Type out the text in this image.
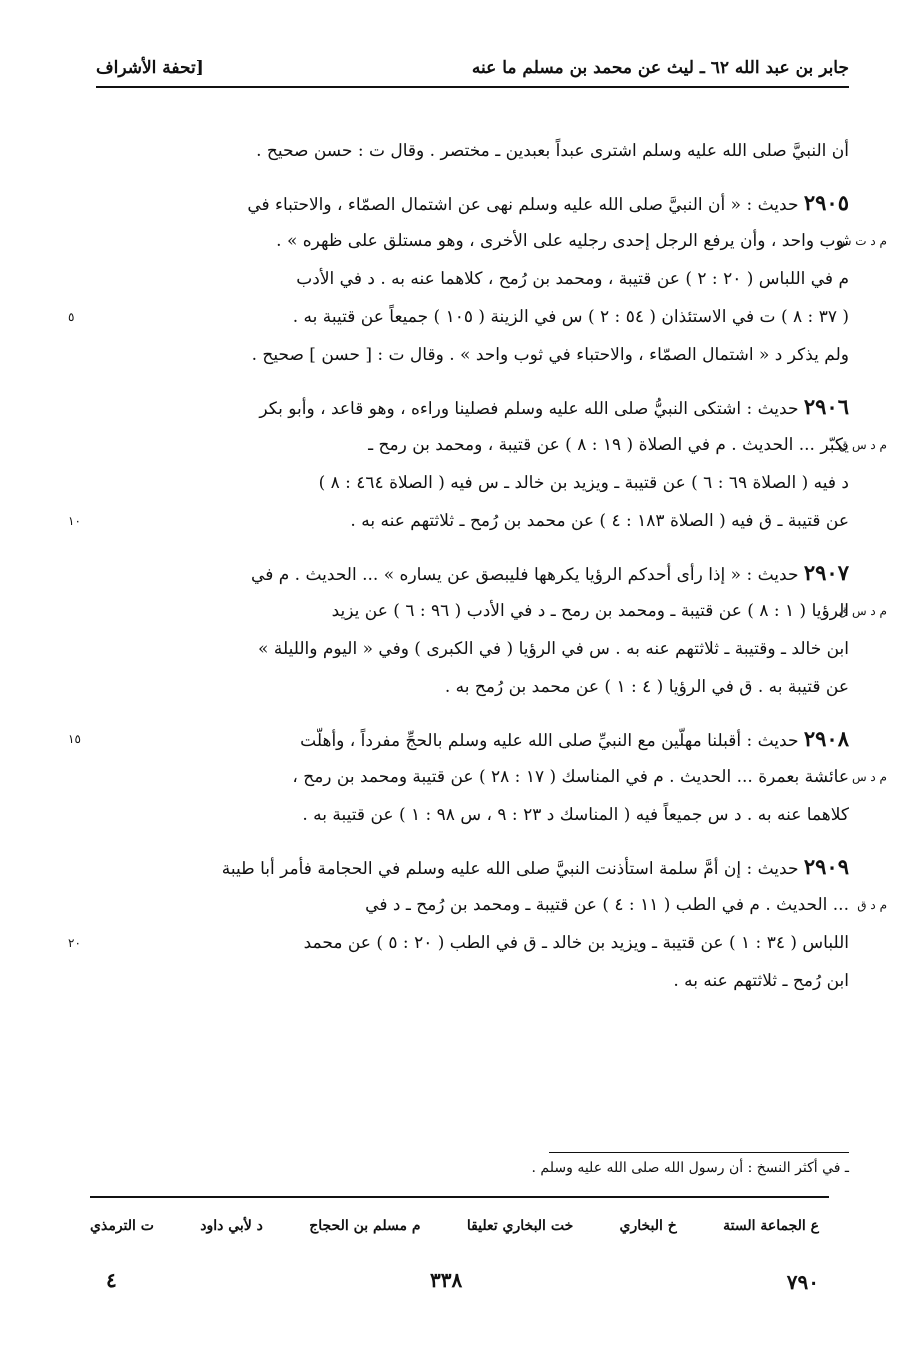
جابر بن عبد الله ٦٢ ـ ليث عن محمد بن مسلم ما عنه
[تحفة الأشراف
أن النبيَّ صلى الله عليه وسلم اشترى عبداً بعبدين ـ مختصر . وقال ت : حسن صحيح .
٢٩٠٥ حديث : « أن النبيَّ صلى الله عليه وسلم نهى عن اشتمال الصمّاء ، والاحتباء في
م د ت س
ثوب واحد ، وأن يرفع الرجل إحدى رجليه على الأخرى ، وهو مستلق على ظهره » .
م في اللباس ( ٢٠ : ٢ ) عن قتيبة ، ومحمد بن رُمح ، كلاهما عنه به . د في الأدب
( ٣٧ : ٨ ) ت في الاستئذان ( ٥٤ : ٢ ) س في الزينة ( ١٠٥ ) جميعاً عن قتيبة به .
٥
ولم يذكر د « اشتمال الصمّاء ، والاحتباء في ثوب واحد » . وقال ت : [ حسن ] صحيح .
٢٩٠٦ حديث : اشتكى النبيُّ صلى الله عليه وسلم فصلينا وراءه ، وهو قاعد ، وأبو بكر
م د س ق
يكبّر ... الحديث . م في الصلاة ( ١٩ : ٨ ) عن قتيبة ، ومحمد بن رمح ـ
د فيه ( الصلاة ٦٩ : ٦ ) عن قتيبة ـ ويزيد بن خالد ـ س فيه ( الصلاة ٤٦٤ : ٨ )
عن قتيبة ـ ق فيه ( الصلاة ١٨٣ : ٤ ) عن محمد بن رُمح ـ ثلاثتهم عنه به .
١٠
٢٩٠٧ حديث : « إذا رأى أحدكم الرؤيا يكرهها فليبصق عن يساره » ... الحديث . م في
م د س ق
الرؤيا ( ١ : ٨ ) عن قتيبة ـ ومحمد بن رمح ـ د في الأدب ( ٩٦ : ٦ ) عن يزيد
ابن خالد ـ وقتيبة ـ ثلاثتهم عنه به . س في الرؤيا ( في الكبرى ) وفي « اليوم والليلة »
عن قتيبة به . ق في الرؤيا ( ٤ : ١ ) عن محمد بن رُمح به .
٢٩٠٨ حديث : أقبلنا مهلّين مع النبيِّ صلى الله عليه وسلم بالحجِّ مفرداً ، وأهلّت
١٥
م د س
عائشة بعمرة ... الحديث . م في المناسك ( ١٧ : ٢٨ ) عن قتيبة ومحمد بن رمح ،
كلاهما عنه به . د س جميعاً فيه ( المناسك د ٢٣ : ٩ ، س ٩٨ : ١ ) عن قتيبة به .
٢٩٠٩ حديث : إن أمَّ سلمة استأذنت النبيَّ صلى الله عليه وسلم في الحجامة فأمر أبا طيبة
م د ق
... الحديث . م في الطب ( ١١ : ٤ ) عن قتيبة ـ ومحمد بن رُمح ـ د في
اللباس ( ٣٤ : ١ ) عن قتيبة ـ ويزيد بن خالد ـ ق في الطب ( ٢٠ : ٥ ) عن محمد
٢٠
ابن رُمح ـ ثلاثتهم عنه به .
ـ في أكثر النسخ : أن رسول الله صلى الله عليه وسلم .
ع الجماعة الستة
خ البخاري
خت البخاري تعليقا
م مسلم بن الحجاج
د لأبي داود
ت الترمذي
٧٩٠
٣٣٨
٤
